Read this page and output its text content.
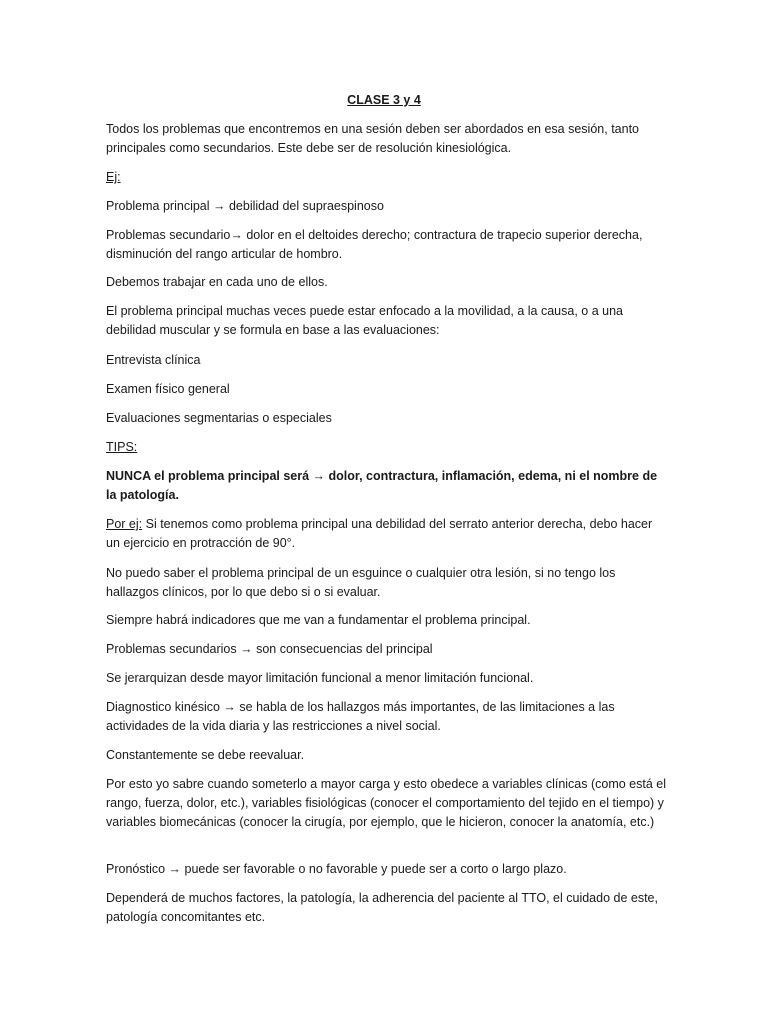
CLASE 3 y 4
Todos los problemas que encontremos en una sesión deben ser abordados en esa sesión, tanto principales como secundarios. Este debe ser de resolución kinesiológica.
Ej:
Problema principal → debilidad del supraespinoso
Problemas secundario→ dolor en el deltoides derecho; contractura de trapecio superior derecha, disminución del rango articular de hombro.
Debemos trabajar en cada uno de ellos.
El problema principal muchas veces puede estar enfocado a la movilidad, a la causa, o a una debilidad muscular y se formula en base a las evaluaciones:
Entrevista clínica
Examen físico general
Evaluaciones segmentarias o especiales
TIPS:
NUNCA el problema principal será → dolor, contractura, inflamación, edema, ni el nombre de la patología.
Por ej: Si tenemos como problema principal una debilidad del serrato anterior derecha, debo hacer un ejercicio en protracción de 90°.
No puedo saber el problema principal de un esguince o cualquier otra lesión, si no tengo los hallazgos clínicos, por lo que debo si o si evaluar.
Siempre habrá indicadores que me van a fundamentar el problema principal.
Problemas secundarios → son consecuencias del principal
Se jerarquizan desde mayor limitación funcional a menor limitación funcional.
Diagnostico kinésico → se habla de los hallazgos más importantes, de las limitaciones a las actividades de la vida diaria y las restricciones a nivel social.
Constantemente se debe reevaluar.
Por esto yo sabre cuando someterlo a mayor carga y esto obedece a variables clínicas (como está el rango, fuerza, dolor, etc.), variables fisiológicas (conocer el comportamiento del tejido en el tiempo) y variables biomecánicas (conocer la cirugía, por ejemplo, que le hicieron, conocer la anatomía, etc.)
Pronóstico → puede ser favorable o no favorable y puede ser a corto o largo plazo.
Dependerá de muchos factores, la patología, la adherencia del paciente al TTO, el cuidado de este, patología concomitantes etc.
